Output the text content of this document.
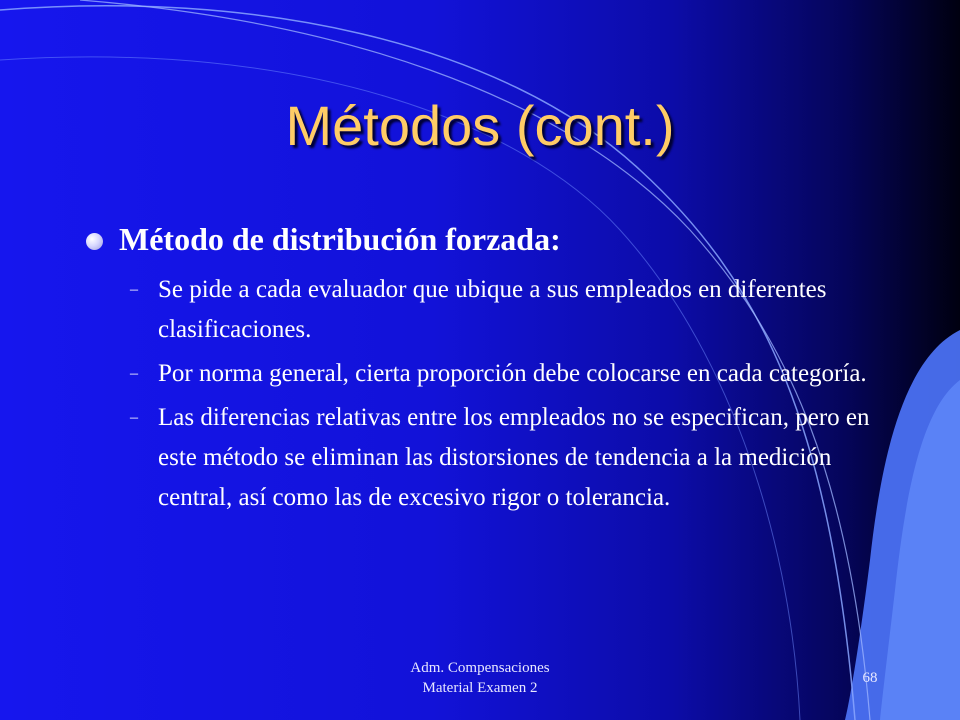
Métodos (cont.)
Método de distribución forzada:
– Se pide a cada evaluador que ubique a sus empleados en diferentes clasificaciones.
– Por norma general, cierta proporción debe colocarse en cada categoría.
– Las diferencias relativas entre los empleados no se especifican, pero en este método se eliminan las distorsiones de tendencia a la medición central, así como las de excesivo rigor o tolerancia.
Adm. Compensaciones
Material Examen 2
68
